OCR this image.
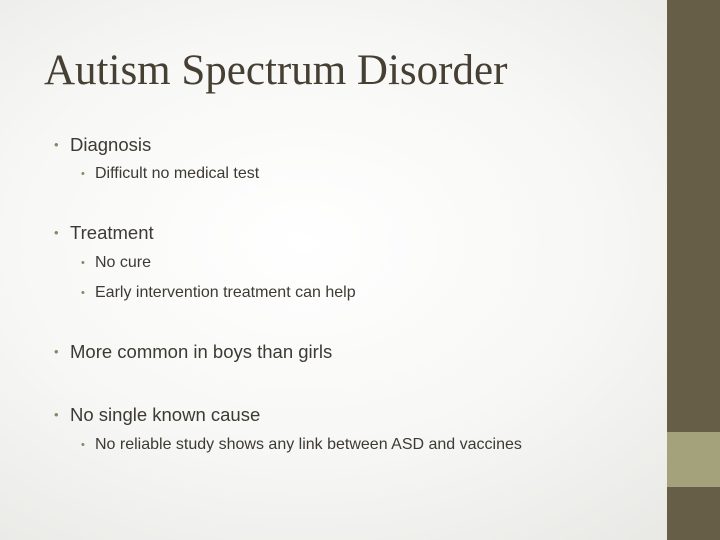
Autism Spectrum Disorder
• Diagnosis
• Difficult no medical test
• Treatment
• No cure
• Early intervention treatment can help
• More common in boys than girls
• No single known cause
• No reliable study shows any link between ASD and vaccines
